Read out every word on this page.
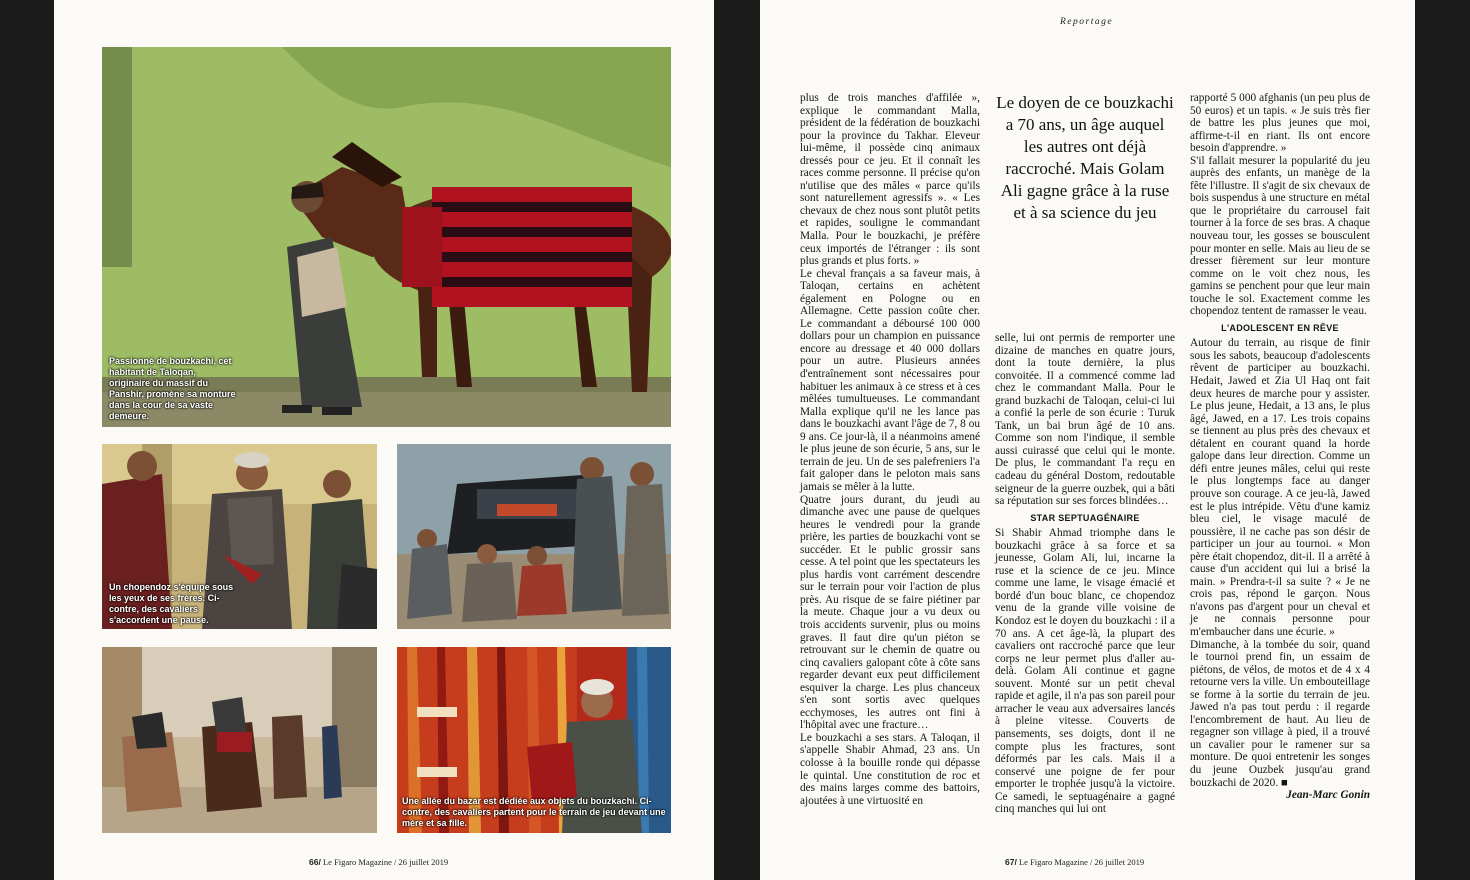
Passionné de bouzkachi, cet habitant de Taloqan, originaire du massif du Panshir, promène sa monture dans la cour de sa vaste demeure.
Un chopendoz s'équipe sous les yeux de ses frères. Ci-contre, des cavaliers s'accordent une pause.
Une allée du bazar est dédiée aux objets du bouzkachi. Ci-contre, des cavaliers partent pour le terrain de jeu devant une mère et sa fille.
66/ Le Figaro Magazine / 26 juillet 2019
Reportage

plus de trois manches d'affilée », explique le commandant Malla, président de la fédération de bouzkachi pour la province du Takhar. Eleveur lui-même, il possède cinq animaux dressés pour ce jeu. Et il connaît les races comme personne. Il précise qu'on n'utilise que des mâles « parce qu'ils sont naturellement agressifs ». « Les chevaux de chez nous sont plutôt petits et rapides, souligne le commandant Malla. Pour le bouzkachi, je préfère ceux importés de l'étranger : ils sont plus grands et plus forts. »

Le cheval français a sa faveur mais, à Taloqan, certains en achètent également en Pologne ou en Allemagne. Cette passion coûte cher. Le commandant a déboursé 100 000 dollars pour un champion en puissance encore au dressage et 40 000 dollars pour un autre. Plusieurs années d'entraînement sont nécessaires pour habituer les animaux à ce stress et à ces mêlées tumultueuses. Le commandant Malla explique qu'il ne les lance pas dans le bouzkachi avant l'âge de 7, 8 ou 9 ans. Ce jour-là, il a néanmoins amené le plus jeune de son écurie, 5 ans, sur le terrain de jeu. Un de ses palefreniers l'a fait galoper dans le peloton mais sans jamais se mêler à la lutte.

Quatre jours durant, du jeudi au dimanche avec une pause de quelques heures le vendredi pour la grande prière, les parties de bouzkachi vont se succéder. Et le public grossir sans cesse. A tel point que les spectateurs les plus hardis vont carrément descendre sur le terrain pour voir l'action de plus près. Au risque de se faire piétiner par la meute. Chaque jour a vu deux ou trois accidents survenir, plus ou moins graves. Il faut dire qu'un piéton se retrouvant sur le chemin de quatre ou cinq cavaliers galopant côte à côte sans regarder devant eux peut difficilement esquiver la charge. Les plus chanceux s'en sont sortis avec quelques ecchymoses, les autres ont fini à l'hôpital avec une fracture…

Le bouzkachi a ses stars. A Taloqan, il s'appelle Shabir Ahmad, 23 ans. Un colosse à la bouille ronde qui dépasse le quintal. Une constitution de roc et des mains larges comme des battoirs, ajoutées à une virtuosité en

Le doyen de ce bouzkachi a 70 ans, un âge auquel les autres ont déjà raccroché. Mais Golam Ali gagne grâce à la ruse et à sa science du jeu

selle, lui ont permis de remporter une dizaine de manches en quatre jours, dont la toute dernière, la plus convoitée. Il a commencé comme lad chez le commandant Malla. Pour le grand buzkachi de Taloqan, celui-ci lui a confié la perle de son écurie : Turuk Tank, un bai brun âgé de 10 ans. Comme son nom l'indique, il semble aussi cuirassé que celui qui le monte. De plus, le commandant l'a reçu en cadeau du général Dostom, redoutable seigneur de la guerre ouzbek, qui a bâti sa réputation sur ses forces blindées…

STAR SEPTUAGÉNAIRE

Si Shabir Ahmad triomphe dans le bouzkachi grâce à sa force et sa jeunesse, Golam Ali, lui, incarne la ruse et la science de ce jeu. Mince comme une lame, le visage émacié et bordé d'un bouc blanc, ce chopendoz venu de la grande ville voisine de Kondoz est le doyen du bouzkachi : il a 70 ans. A cet âge-là, la plupart des cavaliers ont raccroché parce que leur corps ne leur permet plus d'aller au-delà. Golam Ali continue et gagne souvent. Monté sur un petit cheval rapide et agile, il n'a pas son pareil pour arracher le veau aux adversaires lancés à pleine vitesse. Couverts de pansements, ses doigts, dont il ne compte plus les fractures, sont déformés par les cals. Mais il a conservé une poigne de fer pour emporter le trophée jusqu'à la victoire. Ce samedi, le septuagénaire a gagné cinq manches qui lui ont

rapporté 5 000 afghanis (un peu plus de 50 euros) et un tapis. « Je suis très fier de battre les plus jeunes que moi, affirme-t-il en riant. Ils ont encore besoin d'apprendre. »

S'il fallait mesurer la popularité du jeu auprès des enfants, un manège de la fête l'illustre. Il s'agit de six chevaux de bois suspendus à une structure en métal que le propriétaire du carrousel fait tourner à la force de ses bras. A chaque nouveau tour, les gosses se bousculent pour monter en selle. Mais au lieu de se dresser fièrement sur leur monture comme on le voit chez nous, les gamins se penchent pour que leur main touche le sol. Exactement comme les chopendoz tentent de ramasser le veau.

L'ADOLESCENT EN RÊVE

Autour du terrain, au risque de finir sous les sabots, beaucoup d'adolescents rêvent de participer au bouzkachi. Hedait, Jawed et Zia Ul Haq ont fait deux heures de marche pour y assister. Le plus jeune, Hedait, a 13 ans, le plus âgé, Jawed, en a 17. Les trois copains se tiennent au plus près des chevaux et détalent en courant quand la horde galope dans leur direction. Comme un défi entre jeunes mâles, celui qui reste le plus longtemps face au danger prouve son courage. A ce jeu-là, Jawed est le plus intrépide. Vêtu d'une kamiz bleu ciel, le visage maculé de poussière, il ne cache pas son désir de participer un jour au tournoi. « Mon père était chopendoz, dit-il. Il a arrêté à cause d'un accident qui lui a brisé la main. » Prendra-t-il sa suite ? « Je ne crois pas, répond le garçon. Nous n'avons pas d'argent pour un cheval et je ne connais personne pour m'embaucher dans une écurie. »

Dimanche, à la tombée du soir, quand le tournoi prend fin, un essaim de piétons, de vélos, de motos et de 4 x 4 retourne vers la ville. Un embouteillage se forme à la sortie du terrain de jeu. Jawed n'a pas tout perdu : il regarde l'encombrement de haut. Au lieu de regagner son village à pied, il a trouvé un cavalier pour le ramener sur sa monture. De quoi entretenir les songes du jeune Ouzbek jusqu'au grand bouzkachi de 2020. ■

Jean-Marc Gonin

67/ Le Figaro Magazine / 26 juillet 2019
